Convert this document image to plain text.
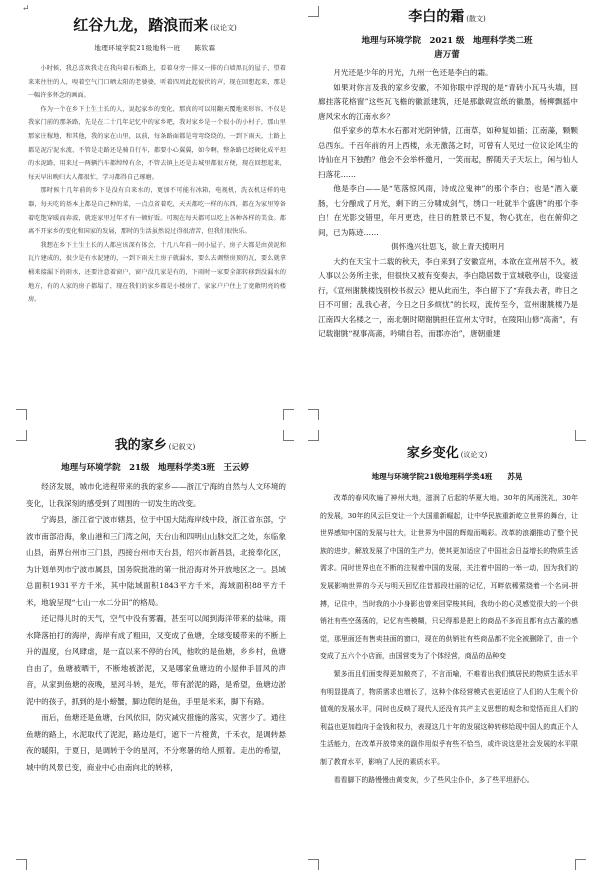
↵
红谷九龙，踏浪而来 (议论文)
地理环境学院21级地科一班　　陈钦霖

小时候，我总喜欢我走在我向着石板路上，看着身旁一排又一排的白墙黑瓦的屋子，望着来来往往的人，嗅着空气门口晒太阳的老婆婆，听着四周此起彼伏的声，现在回想起来，那是一幅许多怀念的画面。

作为一个在乡下土生土长的人，说起家乡的变化，那真的可以用翻天覆地来形容。不仅是我家门前的那条路，先是在二十几年记忆中的家乡吧，我对家乡是一个很小的小村子，那山里那家庄稼地，和其他，我的家在山里，以前，每条路面都是弯弯绕绕的，一到下雨天，土路上都是泥泞泥水流，不管是走路还是骑自行车，都要小心翼翼，如今啊，整条路已经硬化成平坦的水泥路，用来过一两辆汽车都绰绰有余，不管去镇上还是去城里都很方便，现在回想起来，每天早出晚归大人都很忙，学习都得自己琢磨。

那时候十几年前的乡下是没有自来水的，更加不可能有冰箱，电视机，洗衣机这样的电器，每天吃的基本上都是自己种的菜，一点点省着吃，天天都吃一样的东西，都在为家里筹备着吃饱穿暖而奔波，就连家里过年才有一顿好饭。可现在每天都可以吃上各种各样的美食。都离不开家乡的变化和国家的发展，那时的生活虽然说过得很清苦，但我们很快乐。

我想在乡下土生土长的人都应该深有体会，十几八年前一间小屋子，房子大都是由黄泥和瓦片建成的，很少是有水泥建的，一到下雨天土房子就漏水，要么去调整房顶的瓦，要么就拿桶来接漏下的雨水，还要注意着窗户，窗户没几家是有的，下雨时一家要全部转移到没漏水的地方，有的人家的房子都塌了，现在我们的家乡都是小楼房了，家家户户住上了宽敞明亮的楼房。

李白的霜 (散文)
地理与环境学院　2021 级　地理科学类二班
唐万蕾

月光还是少年的月光，九州一色还是李白的霜。

如果对你言及我的家乡安徽，不知你眼中浮现的是“青砖小瓦马头墙，回廊挂落花格窗”这些瓦飞檐的徽派建筑，还是那歙砚宣纸的徽墨，杨柳飘摇中唐风宋水的江南水乡？

似乎家乡的草木水石都对光阴钟情，江南草，如种复如插；江南藻，颗颗总西东。千百年前的月上西楼，永无激荡之时，可曾有人见过一位议论风尘的诗仙在月下独酌？他会不会举杯邀月，一笑而起，醉随天子天坛上，闲与仙人扫落花……

他是李白——是“笔落惊风雨，诗成泣鬼神”的那个李白；也是“酒入豪肠，七分酿成了月光，剩下的三分啸成剑气，绣口一吐就半个盛唐”的那个李白！在光影交错里，年月更迭，往日的胜景已不复，物心犹在，也在俯仰之间，已为陈迹……

俱怀逸兴壮思飞，欲上青天揽明月

大约在天宝十二载的秋天，李白来到了安徽宣州，本欲在宣州居不久，被人事以公务所主张，但很快又被有变奏去，李白隐居数于宣城敬亭山，设宴送行，《宣州谢朓楼饯别校书叔云》便从此而生，李白留下了“弃我去者，昨日之日不可留；乱我心者，今日之日多烦忧”的长叹，流传至今，宣州谢朓楼乃是江南四大名楼之一，南北朝时期谢朓担任宣州太守时，在陵阳山修“高斋”，有记载谢朓“视事高斋，吟啸自若，而郡亦治”，唐朝重建

我的家乡 (记叙文)
地理与环境学院　21级　地理科学类3班　王云婷

经济发展，城市化进程带来的我的家乡——浙江宁海的自然与人文环境的变化，让我深刻的感受到了周围的一切发生的改变。

宁海县，浙江省宁波市辖县，位于中国大陆海岸线中段，浙江省东部，宁波市南部沿海，象山港和三门湾之间，天台山和四明山山脉交汇之处，东临象山县，南界台州市三门县，西接台州市天台县，绍兴市新昌县，北接奉化区，为计划单列市宁波市属县，国务院批准的第一批沿海对外开放地区之一。县域总面积1931平方千米，其中陆域面积1843平方千米，海域面积88平方千米，地貌呈现“七山一水二分田”的格局。

还记得儿时的天气，空气中没有雾霾，甚至可以闻到海洋带来的盐味，雨水降落拍打的海岸，海岸有成了粗田，又变成了鱼塘，全球变暖带来的不断上升的温度，台风肆虐，是一直以来不停的台风，他吹的是鱼塘，乡乡村，鱼塘自由了，鱼塘被晒干，不断地被淤泥，又是哪家鱼塘边的小屋伸手冒风的声音，从家到鱼塘的夜晚，星河斗转，是光，带有淤泥的路，是希望，鱼塘边淤泥中的孩子，抓到的是小螃蟹，脚边爬的是鱼，手里是米来，脚下有路。

而后，鱼塘还是鱼塘，台风依旧，防灾减灾措施的落实，灾害少了。通往鱼塘的路上，水泥取代了泥泥，路边是灯，遮下一片橙黄，千禾衣，是调转悬夜的暖阳，于夏日，是调转于令的星河，不分寒暑的给人照着。走出的希望，城中的风景已变，商业中心由南向北的转移，

家乡变化 (议论文)
地理与环境学院21级地理科学类4班　　苏晃

改革的春风吹遍了神州大地，滋润了后起的华夏大地。30年的风雨洗礼，30年的发展，30年的风云巨变让一个大国重新崛起，让中华民族重新屹立世界的舞台，让世界感知中国的发展与壮大，让世界为中国的辉煌而喝彩。改革的浪潮推动了整个民族的进步，解放发展了中国的生产力，使其更加适应了中国社会日益增长的物质生活需求。同时世界也在不断的注视着中国的发展，关注着中国的一举一动，因为我们的发展影响世界的今天与明天回忆往昔那段壮丽的记忆，耳畔依稀萦绕着一个名词-拼搏，记住中，当时我的小小身影也曾来回穿梭其间，我幼小的心灵感觉很大的一个供销社有些空荡荡的，记忆有些模糊，只记得那是把上的商品不多而且都有点古董的感觉，那里面还有售卖挂面的窗口，现在的供销社有些商品都不完全被删除了，由一个变成了五六个小店面，由国营变为了个体经营，商品的品种变

繁多而且们面变得更加敞亮了，不言而喻，不难看出我们镇居民的物质生活水平有明显提高了，物质需求也增长了，这种个体经营模式也更适应了人们的人生观个价值观的发展水平，同时也反映了现代人还没有共产主义思想的观念和觉悟而且人们的利益也更加趋向于金钱和权力，表现这几十年的发展这种转移给现中国人的真正个人生活能力，在改革开放带来的副作用似乎有些不恰当，或许说这是社会发展的水平限制了教育水平，影响了人民的素质水平。

看看脚下的路慢慢由黄变灰，少了些风尘仆仆，多了些平坦舒心。
